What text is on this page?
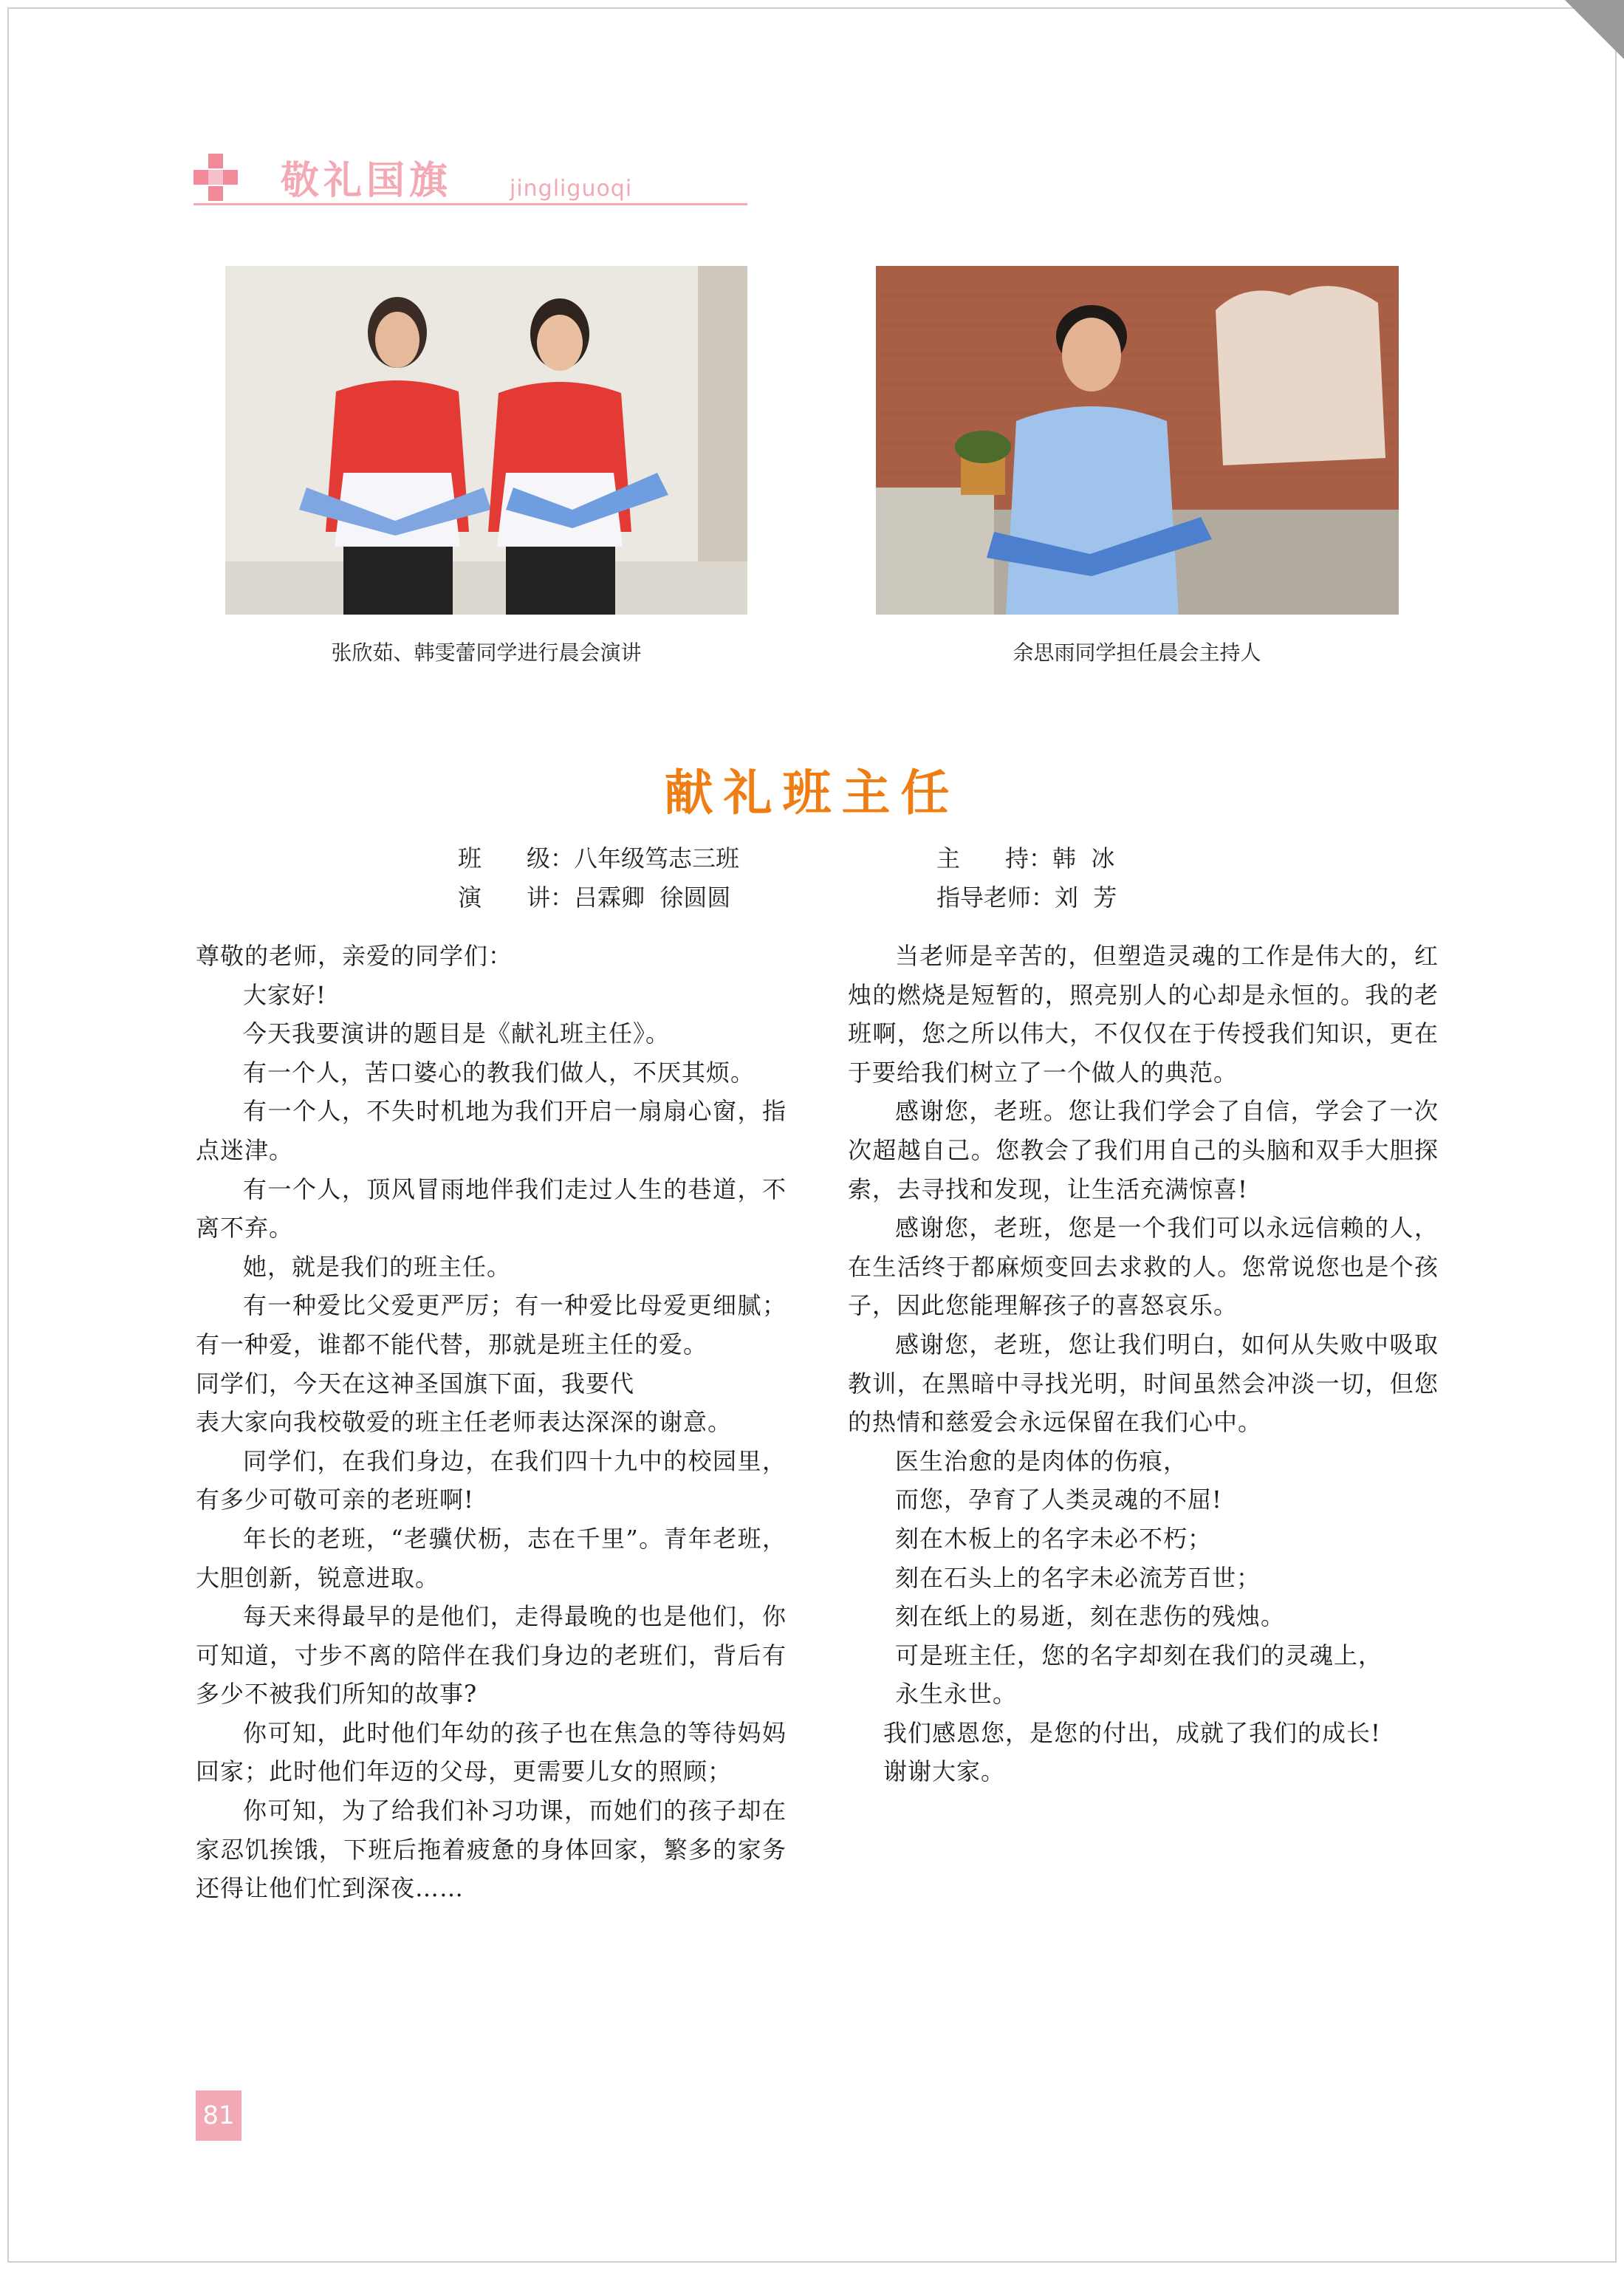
敬礼国旗	jingliguoqi
张欣茹、韩雯蕾同学进行晨会演讲	余思雨同学担任晨会主持人
献礼班主任
班      级：八年级笃志三班	主      持：韩  冰
演      讲：吕霖卿  徐圆圆	指导老师：刘  芳

尊敬的老师，亲爱的同学们：

大家好!

今天我要演讲的题目是《献礼班主任》。

有一个人，苦口婆心的教我们做人，不厌其烦。

有一个人，不失时机地为我们开启一扇扇心窗，指点迷津。

有一个人，顶风冒雨地伴我们走过人生的巷道，不离不弃。

她，就是我们的班主任。

有一种爱比父爱更严厉；有一种爱比母爱更细腻；有一种爱，谁都不能代替，那就是班主任的爱。

同学们，今天在这神圣国旗下面，我要代

表大家向我校敬爱的班主任老师表达深深的谢意。

同学们，在我们身边，在我们四十九中的校园里，有多少可敬可亲的老班啊!

年长的老班，“老骥伏枥，志在千里”。青年老班，大胆创新，锐意进取。

每天来得最早的是他们，走得最晚的也是他们，你可知道，寸步不离的陪伴在我们身边的老班们，背后有多少不被我们所知的故事?

你可知，此时他们年幼的孩子也在焦急的等待妈妈回家；此时他们年迈的父母，更需要儿女的照顾；

你可知，为了给我们补习功课，而她们的孩子却在家忍饥挨饿，下班后拖着疲惫的身体回家，繁多的家务还得让他们忙到深夜……

当老师是辛苦的，但塑造灵魂的工作是伟大的，红烛的燃烧是短暂的，照亮别人的心却是永恒的。我的老班啊，您之所以伟大，不仅仅在于传授我们知识，更在于要给我们树立了一个做人的典范。

感谢您，老班。您让我们学会了自信，学会了一次次超越自己。您教会了我们用自己的头脑和双手大胆探索，去寻找和发现，让生活充满惊喜!

感谢您，老班，您是一个我们可以永远信赖的人，在生活终于都麻烦变回去求救的人。您常说您也是个孩子，因此您能理解孩子的喜怒哀乐。

感谢您，老班，您让我们明白，如何从失败中吸取教训，在黑暗中寻找光明，时间虽然会冲淡一切，但您的热情和慈爱会永远保留在我们心中。

医生治愈的是肉体的伤痕，

而您，孕育了人类灵魂的不屈!

刻在木板上的名字未必不朽；

刻在石头上的名字未必流芳百世；

刻在纸上的易逝，刻在悲伤的残烛。

可是班主任，您的名字却刻在我们的灵魂上，

永生永世。

我们感恩您，是您的付出，成就了我们的成长!

谢谢大家。

81
